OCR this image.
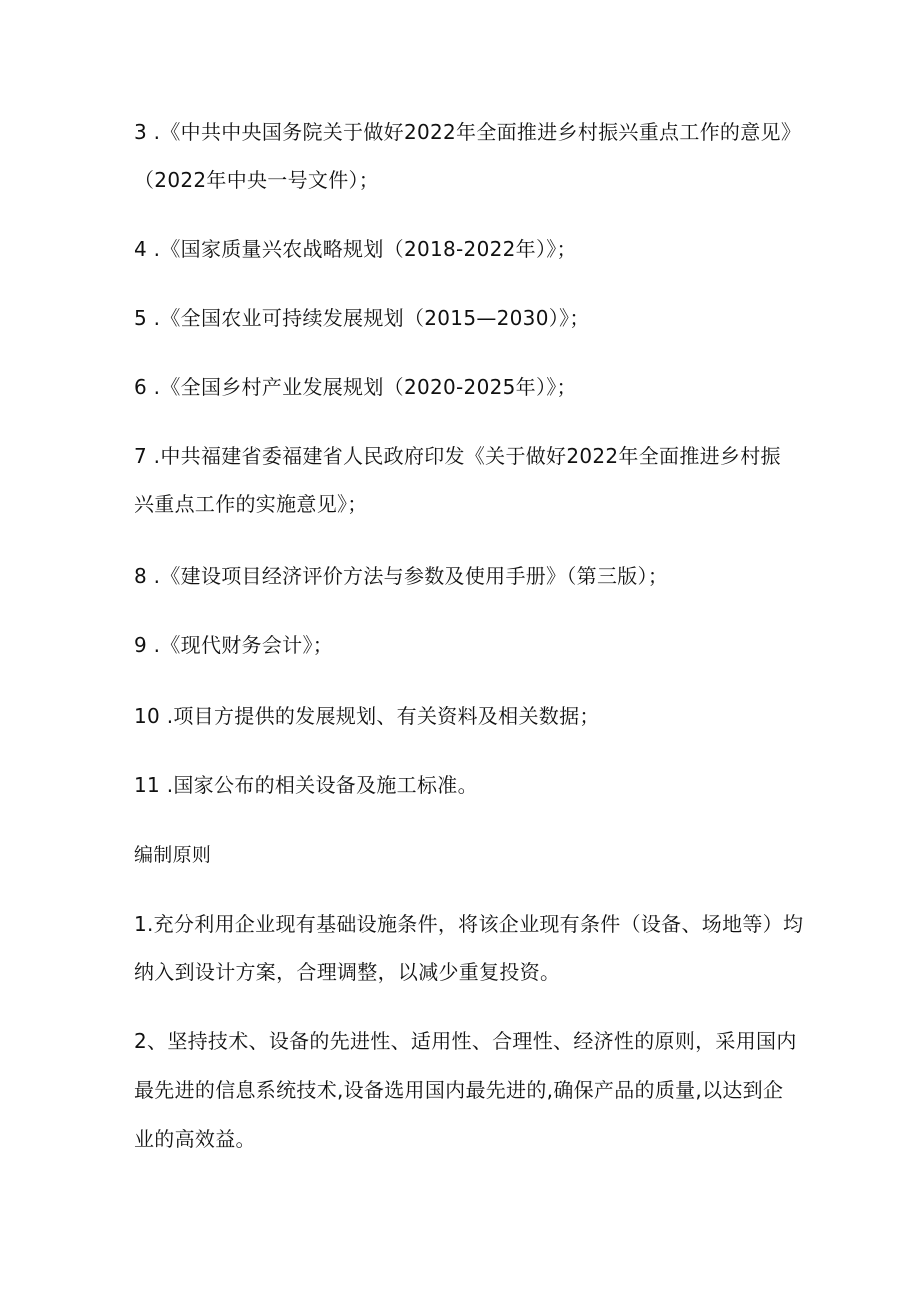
3 .《中共中央国务院关于做好2022年全面推进乡村振兴重点工作的意见》

（2022年中央一号文件）；

4 .《国家质量兴农战略规划（2018-2022年）》；

5 .《全国农业可持续发展规划（2015—2030）》；

6 .《全国乡村产业发展规划（2020-2025年）》；

7 .中共福建省委福建省人民政府印发《关于做好2022年全面推进乡村振

兴重点工作的实施意见》；

8 .《建设项目经济评价方法与参数及使用手册》（第三版）；

9 .《现代财务会计》；

10 .项目方提供的发展规划、有关资料及相关数据；

11 .国家公布的相关设备及施工标准。

编制原则

1.充分利用企业现有基础设施条件，将该企业现有条件（设备、场地等）均

纳入到设计方案，合理调整，以减少重复投资。

2、坚持技术、设备的先进性、适用性、合理性、经济性的原则，采用国内

最先进的信息系统技术,设备选用国内最先进的,确保产品的质量,以达到企

业的高效益。
